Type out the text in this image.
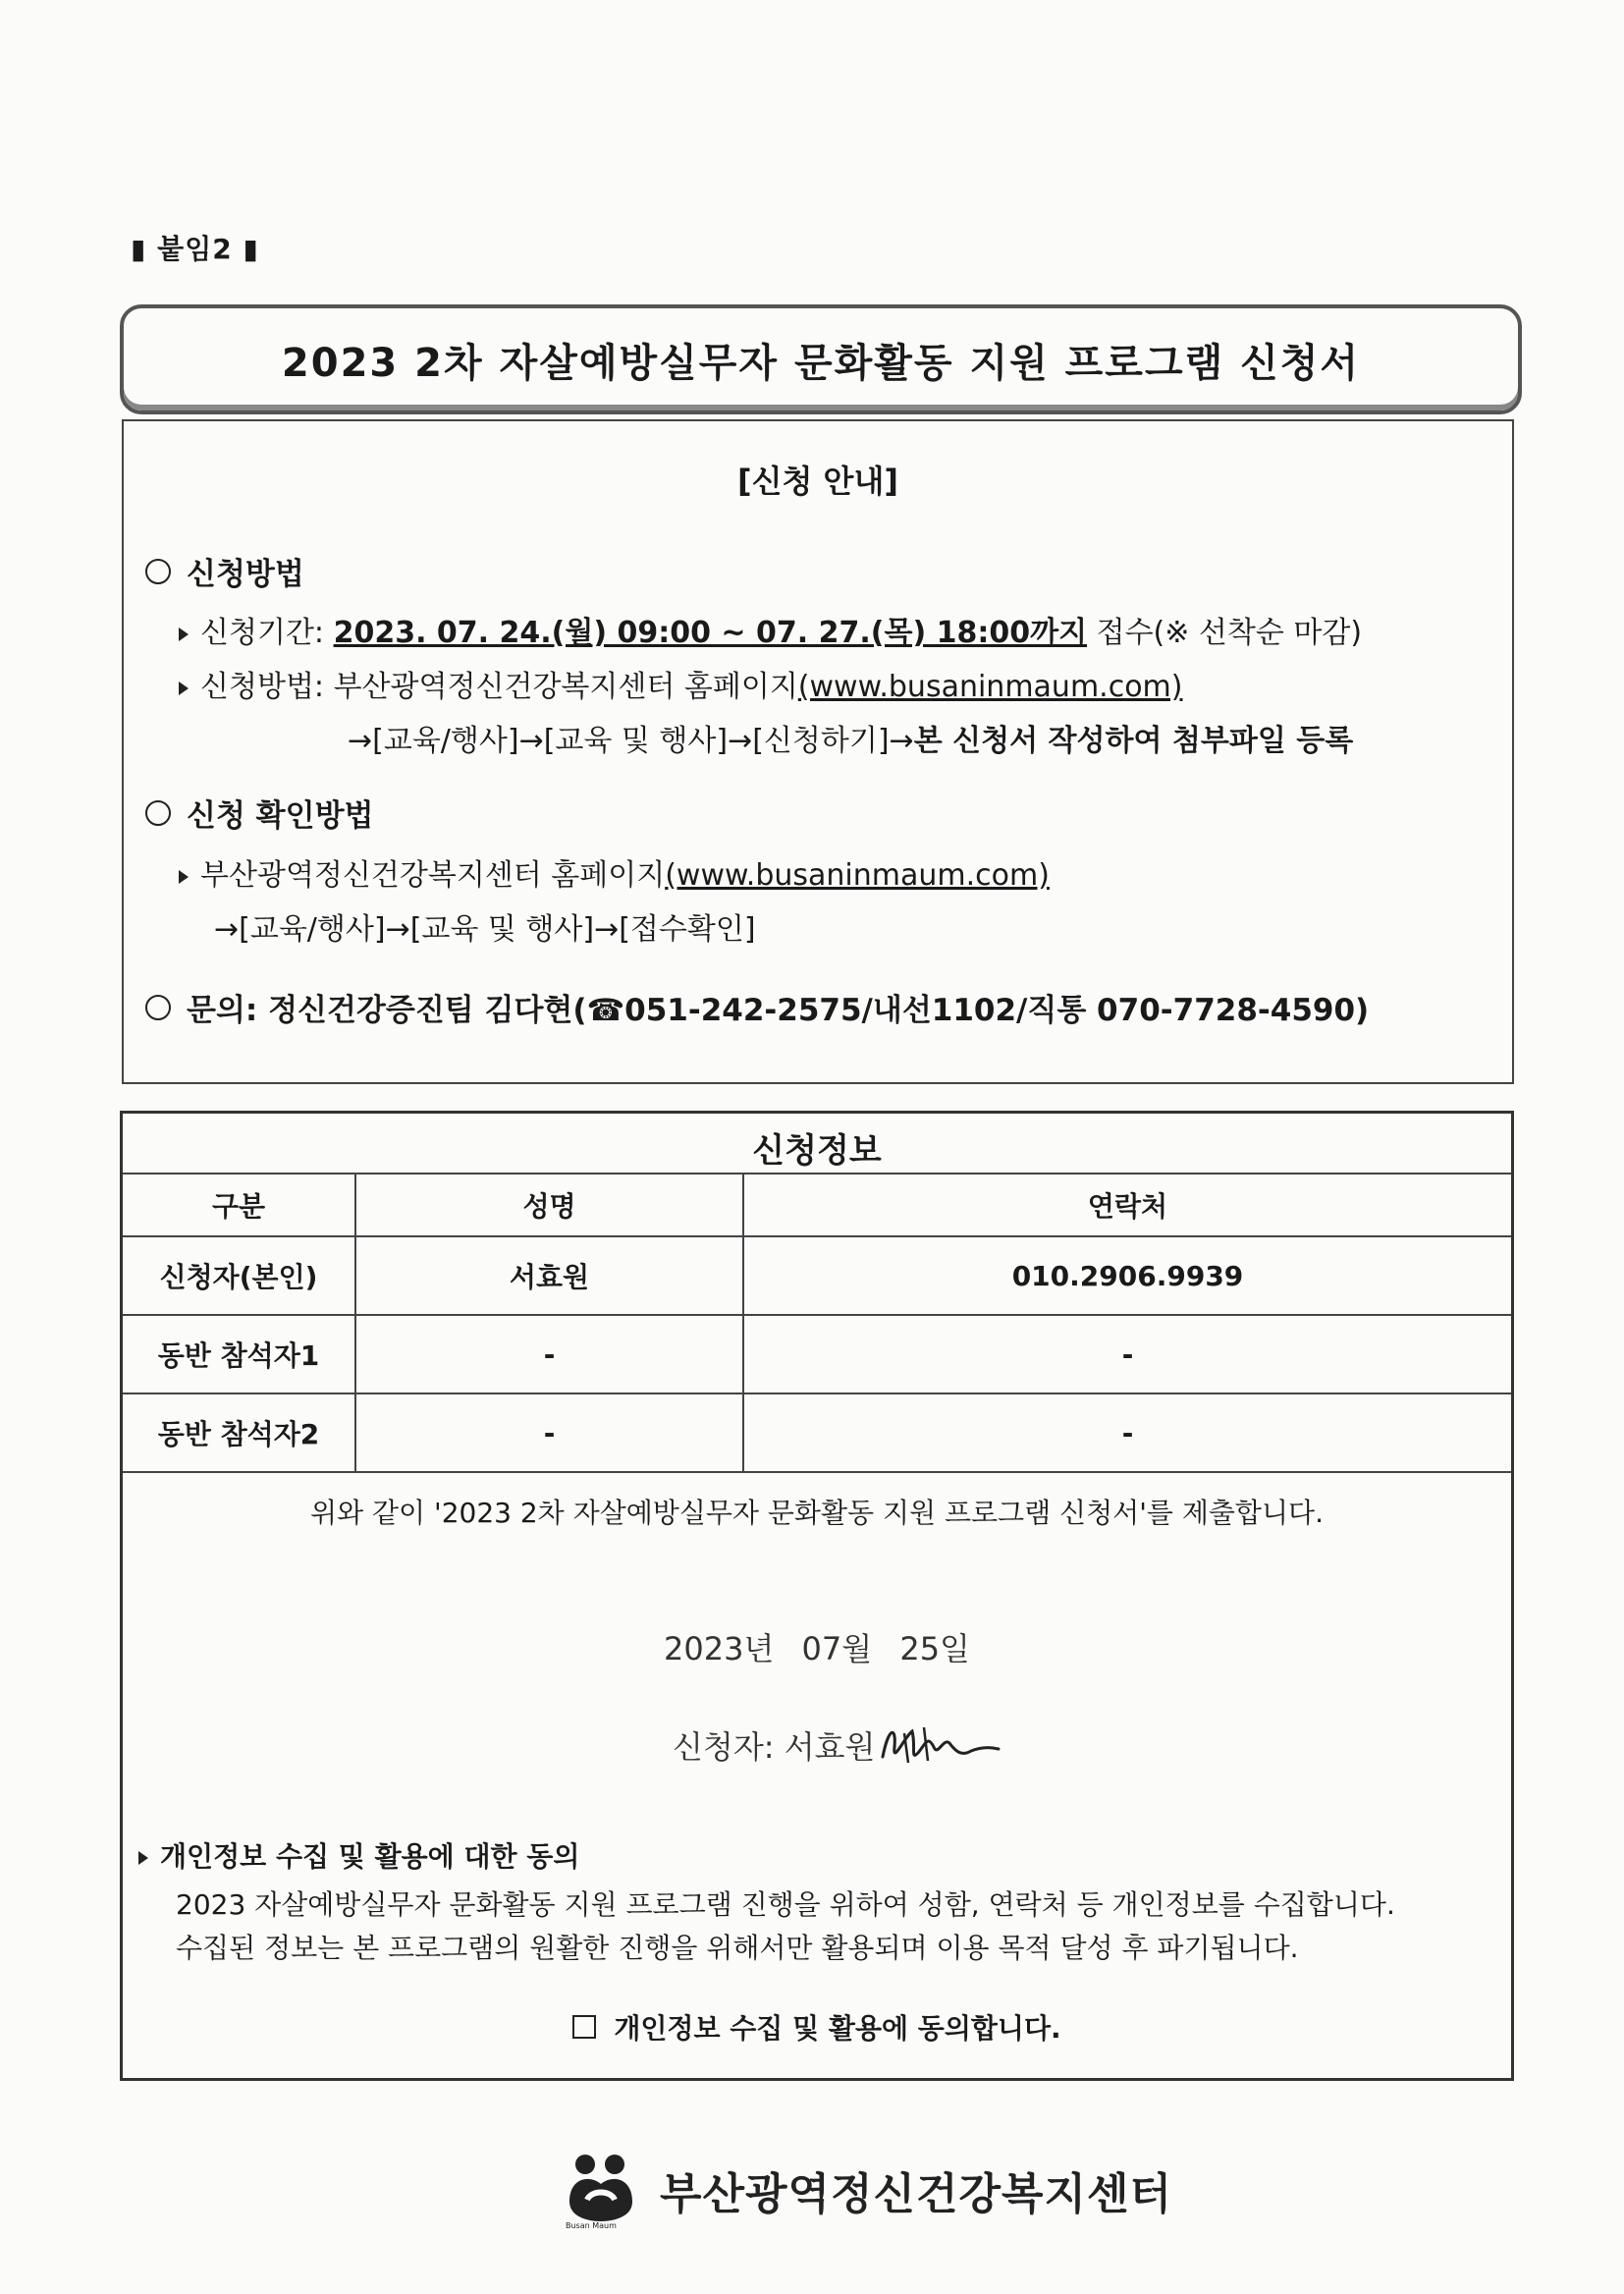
▮ 붙임2 ▮
2023 2차 자살예방실무자 문화활동 지원 프로그램 신청서
[신청 안내]
신청방법
신청기간: 2023. 07. 24.(월) 09:00 ~ 07. 27.(목) 18:00까지 접수(※ 선착순 마감)
신청방법: 부산광역정신건강복지센터 홈페이지(www.busaninmaum.com)
→[교육/행사]→[교육 및 행사]→[신청하기]→본 신청서 작성하여 첨부파일 등록
신청 확인방법
부산광역정신건강복지센터 홈페이지(www.busaninmaum.com)
→[교육/행사]→[교육 및 행사]→[접수확인]
문의:
정신건강증진팀 김다현(☎051-242-2575/내선1102/직통 070-7728-4590)
신청정보
구분	성명	연락처
신청자(본인)	서효원	010.2906.9939
동반 참석자1	-	-
동반 참석자2	-	-
위와 같이 '2023 2차 자살예방실무자 문화활동 지원 프로그램 신청서'를 제출합니다.
2023년 07월 25일
신청자: 서효원
개인정보 수집 및 활용에 대한 동의
2023 자살예방실무자 문화활동 지원 프로그램 진행을 위하여 성함, 연락처 등 개인정보를 수집합니다.
수집된 정보는 본 프로그램의 원활한 진행을 위해서만 활용되며 이용 목적 달성 후 파기됩니다.
개인정보 수집 및 활용에 동의합니다.
Busan Maum
부산광역정신건강복지센터
